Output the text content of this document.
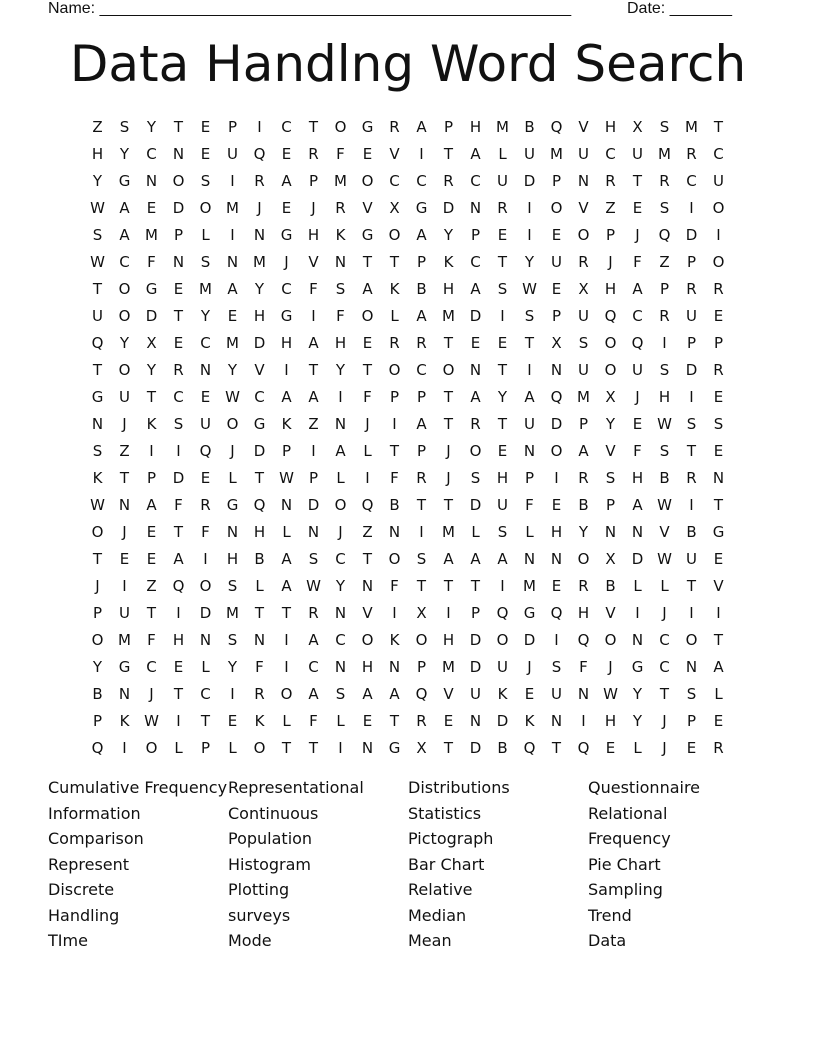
Name: _____________________________________________________	Date: _______
Data Handlng Word Search
Z	S	Y	T	E	P	I	C	T	O	G	R	A	P	H M	B	Q	V	H	X	S	M	T
H	Y	C	N	E	U	Q	E	R	F	E	V	I	T	A	L	U	M	U	C	U	M	R	C
Y	G	N	O	S	I	R	A	P	M O	C	C	R	C	U	D	P	N	R	T	R	C	U
W A	E	D	O M	J	E	J	R	V	X	G	D	N	R	I	O	V	Z	E	S	I	O
S	A	M	P	L	I	N	G	H	K	G	O	A	Y	P	E	I	E	O	P	J	Q	D	I
W C	F	N	S	N M	J	V	N	T	T	P	K	C	T	Y	U	R	J	F	Z	P	O
T	O	G	E	M	A	Y	C	F	S	A	K	B	H	A	S W E	X	H	A	P	R	R
U	O	D	T	Y	E	H	G	I	F	O	L	A	M D	I	S	P	U	Q	C	R	U	E
Q	Y	X	E	C	M D	H	A	H	E	R	R	T	E	E	T	X	S	O	Q	I	P	P
T	O	Y	R	N	Y	V	I	T	Y	T	O	C	O	N	T	I	N	U	O	U	S	D	R
G	U	T	C	E W C	A	A	I	F	P	P	T	A	Y	A	Q M	X	J	H	I	E
N	J	K	S	U	O	G	K	Z	N	J	I	A	T	R	T	U	D	P	Y	E W S	S
S	Z	I	I	Q	J	D	P	I	A	L	T	P	J	O	E	N	O	A	V	F	S	T	E
K	T	P	D	E	L	T	W	P	L	I	F	R	J	S	H	P	I	R	S	H	B	R	N
W N	A	F	R	G	Q	N	D	O	Q	B	T	T	D	U	F	E	B	P	A W	I	T
O	J	E	T	F	N	H	L	N	J	Z	N	I	M	L	S	L	H	Y	N	N	V	B	G
T	E	E	A	I	H	B	A	S	C	T	O	S	A	A	A	N	N	O	X	D W U	E
J	I	Z	Q	O	S	L	A W Y	N	F	T	T	T	I	M	E	R	B	L	L	T	V
P	U	T	I	D M	T	T	R	N	V	I	X	I	P	Q	G	Q	H	V	I	J	I	I
O M	F	H	N	S	N	I	A	C	O	K	O	H	D	O	D	I	Q	O	N	C	O	T
Y	G	C	E	L	Y	F	I	C	N	H	N	P	M D	U	J	S	F	J	G	C	N	A
B	N	J	T	C	I	R	O	A	S	A	A	Q	V	U	K	E	U	N W Y	T	S	L
P	K W	I	T	E	K	L	F	L	E	T	R	E	N	D	K	N	I	H	Y	J	P	E
Q	I	O	L	P	L	O	T	T	I	N	G	X	T	D	B	Q	T	Q	E	L	J	E	R
Cumulative Frequency
Information
Comparison
Represent
Discrete
Handling
TIme
Representational
Continuous
Population
Histogram
Plotting
surveys
Mode
Distributions
Statistics
Pictograph
Bar Chart
Relative
Median
Mean
Questionnaire
Relational
Frequency
Pie Chart
Sampling
Trend
Data
